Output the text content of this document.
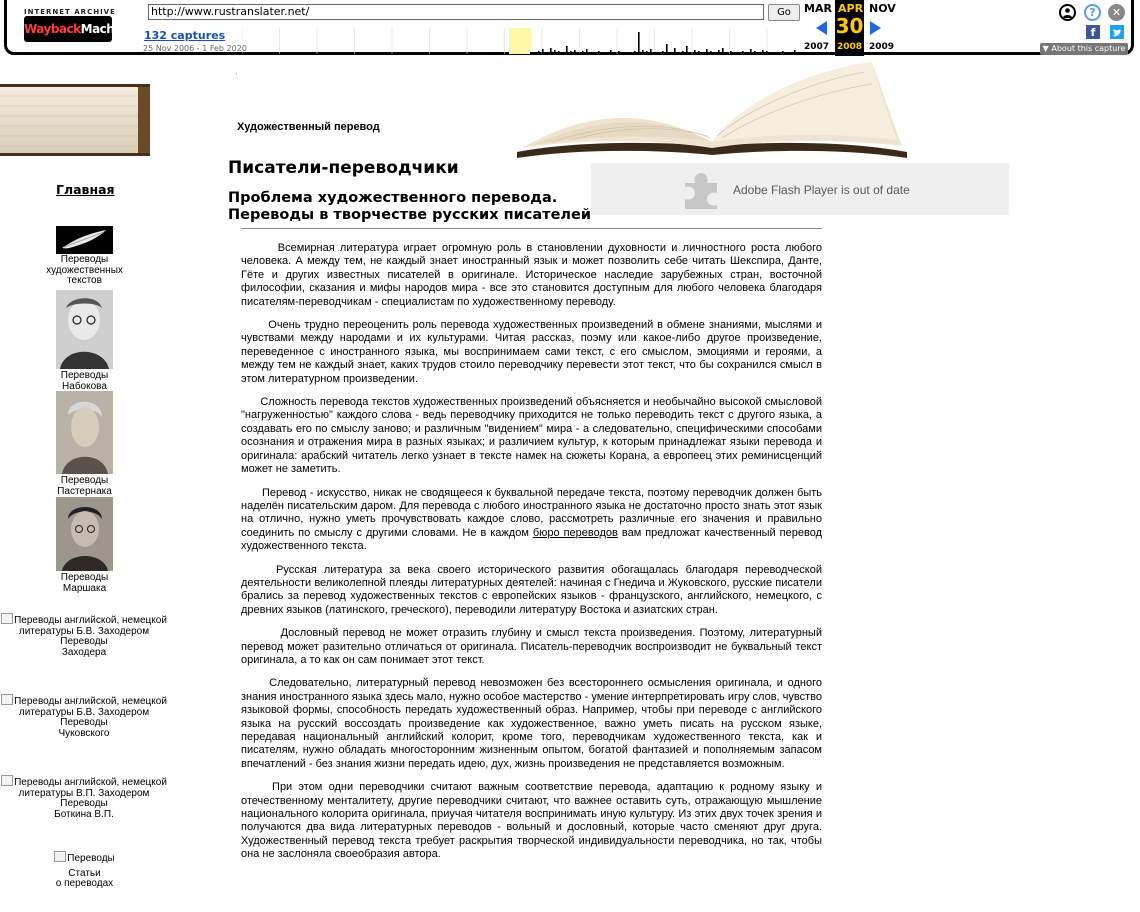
INTERNET ARCHIVE
WaybackMachine
http://www.rustranslater.net/	Go
132 captures
25 Nov 2006 - 1 Feb 2020
MAR APR NOV
30
2007 2008 2009
?	✕
f
▼ About this capture
Художественный перевод
Писатели-переводчики
Проблема художественного перевода.
Переводы в творчестве русских писателей
Adobe Flash Player is out of date
Главная
Переводы
художественных
текстов
Переводы
Набокова
Переводы
Пастернака
Переводы
Маршака
Переводы английской, немецкой
литературы Б.В. Заходером
Переводы
Заходера
Переводы английской, немецкой
литературы Б.В. Заходером
Переводы
Чуковского
Переводы английской, немецкой
литературы В.П. Заходером
Переводы
Боткина В.П.
Переводы
Статьи
о переводах

Всемирная литература играет огромную роль в становлении духовности и личностного роста любого человека. А между тем, не каждый знает иностранный язык и может позволить себе читать Шекспира, Данте, Гёте и других известных писателей в оригинале. Историческое наследие зарубежных стран, восточной философии, сказания и мифы народов мира - все это становится доступным для любого человека благодаря писателям-переводчикам - специалистам по художественному переводу.

Очень трудно переоценить роль перевода художественных произведений в обмене знаниями, мыслями и чувствами между народами и их культурами. Читая рассказ, поэму или какое-либо другое произведение, переведенное с иностранного языка, мы воспринимаем сами текст, с его смыслом, эмоциями и героями, а между тем не каждый знает, каких трудов стоило переводчику перевести этот текст, что бы сохранился смысл в этом литературном произведении.

Сложность перевода текстов художественных произведений объясняется и необычайно высокой смысловой "нагруженностью" каждого слова - ведь переводчику приходится не только переводить текст с другого языка, а создавать его по смыслу заново; и различным "видением" мира - а следовательно, специфическими способами осознания и отражения мира в разных языках; и различием культур, к которым принадлежат языки перевода и оригинала: арабский читатель легко узнает в тексте намек на сюжеты Корана, а европеец этих реминисценций может не заметить.

Перевод - искусство, никак не сводящееся к буквальной передаче текста, поэтому переводчик должен быть наделён писательским даром. Для перевода с любого иностранного языка не достаточно просто знать этот язык на отлично, нужно уметь прочувствовать каждое слово, рассмотреть различные его значения и правильно соединить по смыслу с другими словами. Не в каждом бюро переводов вам предложат качественный перевод художественного текста.

Русская литература за века своего исторического развития обогащалась благодаря переводческой деятельности великолепной плеяды литературных деятелей: начиная с Гнедича и Жуковского, русские писатели брались за перевод художественных текстов с европейских языков - французского, английского, немецкого, с древних языков (латинского, греческого), переводили литературу Востока и азиатских стран.

Дословный перевод не может отразить глубину и смысл текста произведения. Поэтому, литературный перевод может разительно отличаться от оригинала. Писатель-переводчик воспроизводит не буквальный текст оригинала, а то как он сам понимает этот текст.

Следовательно, литературный перевод невозможен без всестороннего осмысления оригинала, и одного знания иностранного языка здесь мало, нужно особое мастерство - умение интерпретировать игру слов, чувство языковой формы, способность передать художественный образ. Например, чтобы при переводе с английского языка на русский воссоздать произведение как художественное, важно уметь писать на русском языке, передавая национальный английский колорит, кроме того, переводчикам художественного текста, как и писателям, нужно обладать многосторонним жизненным опытом, богатой фантазией и пополняемым запасом впечатлений - без знания жизни передать идею, дух, жизнь произведения не представляется возможным.

При этом одни переводчики считают важным соответствие перевода, адаптацию к родному языку и отечественному менталитету, другие переводчики считают, что важнее оставить суть, отражающую мышление национального колорита оригинала, приучая читателя воспринимать иную культуру. Из этих двух точек зрения и получаются два вида литературных переводов - вольный и дословный, которые часто сменяют друг друга. Художественный перевод текста требует раскрытия творческой индивидуальности переводчика, но так, чтобы она не заслоняла своеобразия автора.
